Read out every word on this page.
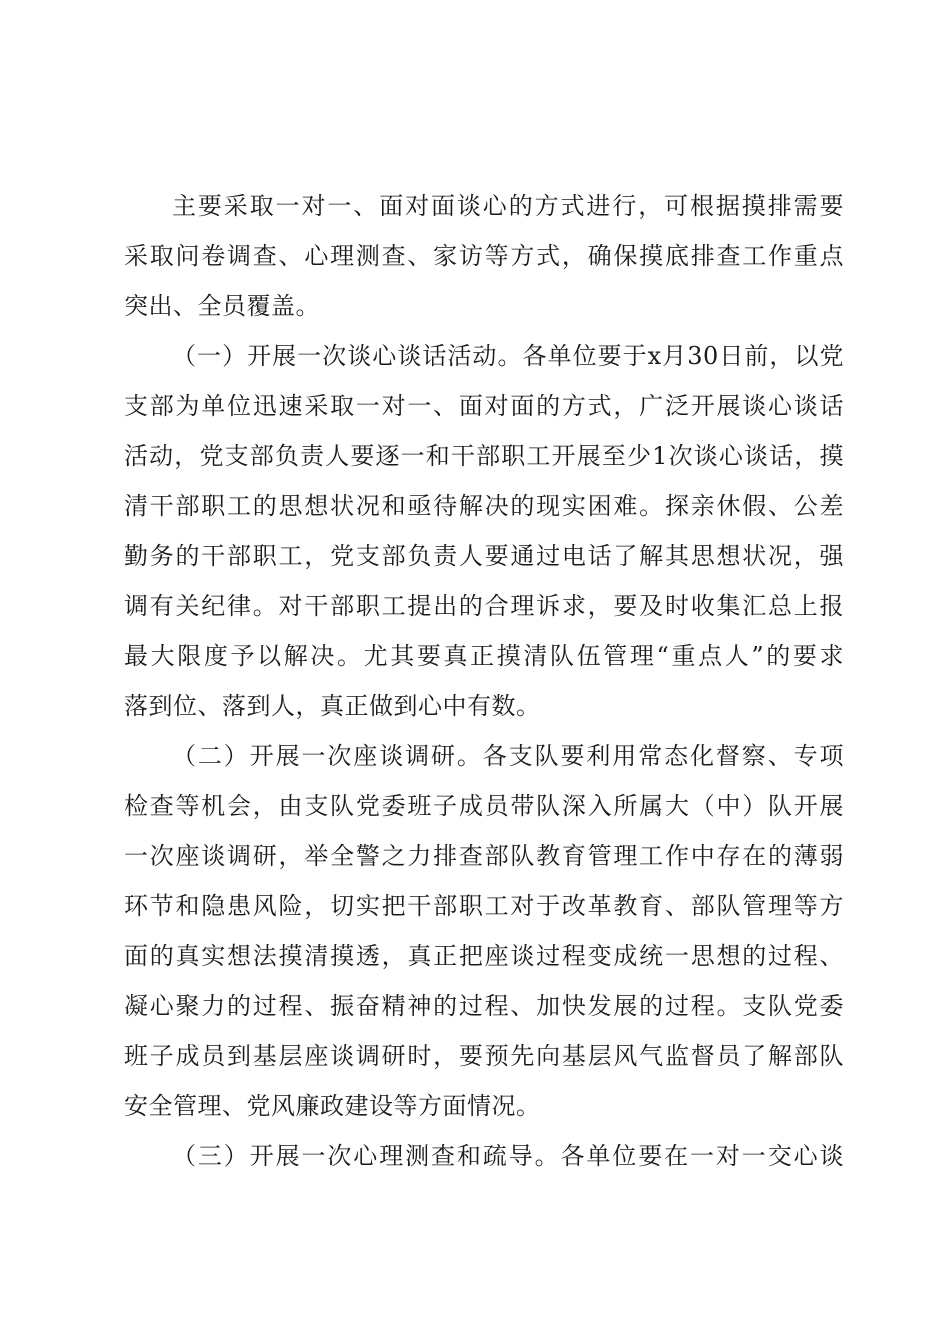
主要采取一对一、面对面谈心的方式进行，可根据摸排需要
采取问卷调查、心理测查、家访等方式，确保摸底排查工作重点
突出、全员覆盖。
（一）开展一次谈心谈话活动。各单位要于x月30日前，以党
支部为单位迅速采取一对一、面对面的方式，广泛开展谈心谈话
活动，党支部负责人要逐一和干部职工开展至少1次谈心谈话，摸
清干部职工的思想状况和亟待解决的现实困难。探亲休假、公差
勤务的干部职工，党支部负责人要通过电话了解其思想状况，强
调有关纪律。对干部职工提出的合理诉求，要及时收集汇总上报
最大限度予以解决。尤其要真正摸清队伍管理“重点人”的要求
落到位、落到人，真正做到心中有数。
（二）开展一次座谈调研。各支队要利用常态化督察、专项
检查等机会，由支队党委班子成员带队深入所属大（中）队开展
一次座谈调研，举全警之力排查部队教育管理工作中存在的薄弱
环节和隐患风险，切实把干部职工对于改革教育、部队管理等方
面的真实想法摸清摸透，真正把座谈过程变成统一思想的过程、
凝心聚力的过程、振奋精神的过程、加快发展的过程。支队党委
班子成员到基层座谈调研时，要预先向基层风气监督员了解部队
安全管理、党风廉政建设等方面情况。
（三）开展一次心理测查和疏导。各单位要在一对一交心谈
